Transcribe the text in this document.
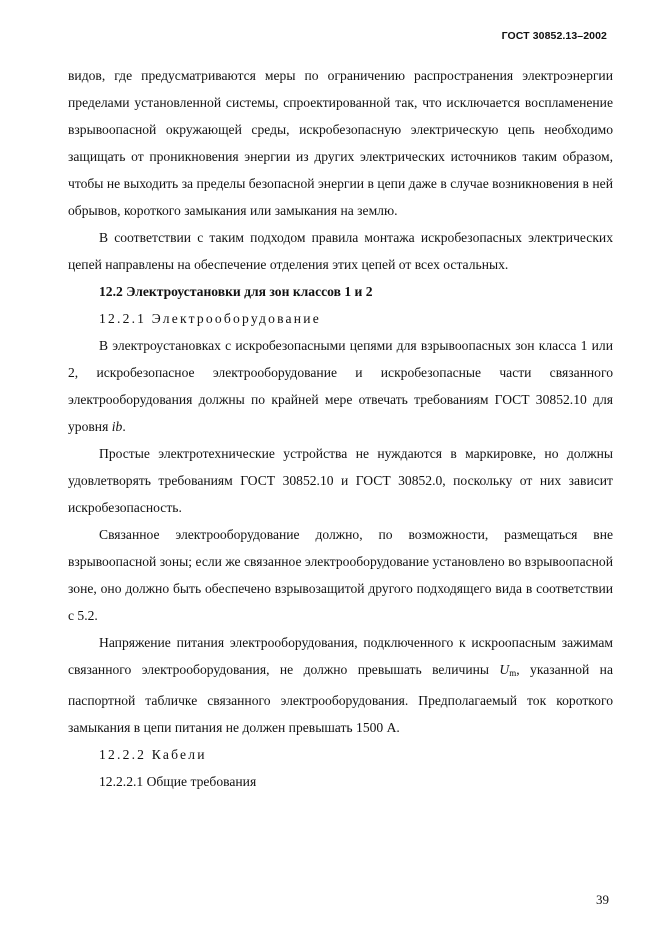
ГОСТ 30852.13–2002

видов, где предусматриваются меры по ограничению распространения электроэнергии пределами установленной системы, спроектированной так, что исключается воспламенение взрывоопасной окружающей среды, искробезопасную электрическую цепь необходимо защищать от проникновения энергии из других электрических источников таким образом, чтобы не выходить за пределы безопасной энергии в цепи даже в случае возникновения в ней обрывов, короткого замыкания или замыкания на землю.

В соответствии с таким подходом правила монтажа искробезопасных электрических цепей направлены на обеспечение отделения этих цепей от всех остальных.

12.2 Электроустановки для зон классов 1 и 2

12.2.1 Электрооборудование

В электроустановках с искробезопасными цепями для взрывоопасных зон класса 1 или 2, искробезопасное электрооборудование и искробезопасные части связанного электрооборудования должны по крайней мере отвечать требованиям ГОСТ 30852.10 для уровня ib.

Простые электротехнические устройства не нуждаются в маркировке, но должны удовлетворять требованиям ГОСТ 30852.10 и ГОСТ 30852.0, поскольку от них зависит искробезопасность.

Связанное электрооборудование должно, по возможности, размещаться вне взрывоопасной зоны; если же связанное электрооборудование установлено во взрывоопасной зоне, оно должно быть обеспечено взрывозащитой другого подходящего вида в соответствии с 5.2.

Напряжение питания электрооборудования, подключенного к искроопасным зажимам связанного электрооборудования, не должно превышать величины $U_m$, указанной на паспортной табличке связанного электрооборудования. Предполагаемый ток короткого замыкания в цепи питания не должен превышать 1500 А.

12.2.2 Кабели

12.2.2.1 Общие требования

39
